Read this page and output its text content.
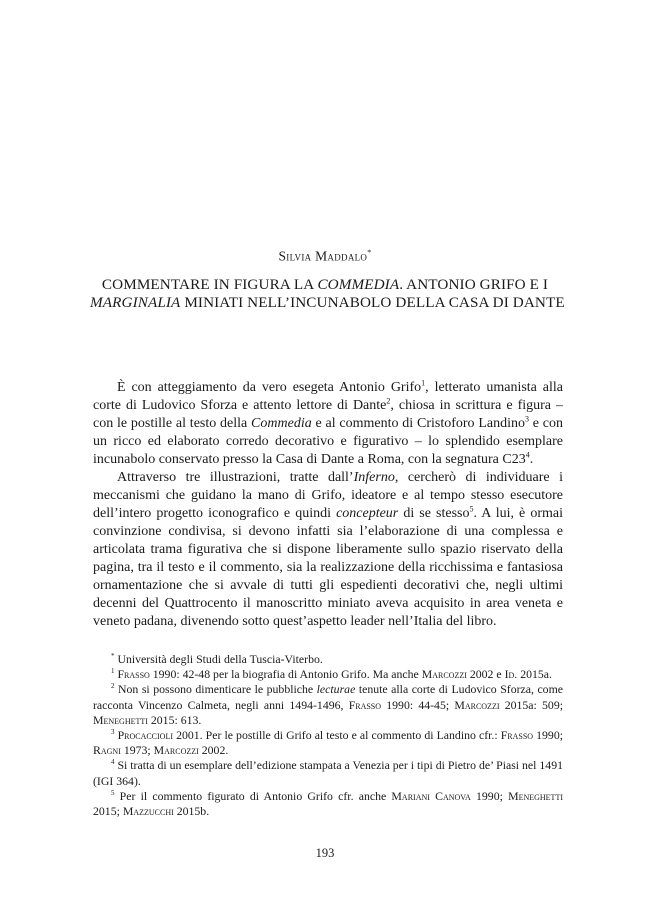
Silvia Maddalo*
COMMENTARE IN FIGURA LA COMMEDIA. ANTONIO GRIFO E I
MARGINALIA MINIATI NELL’INCUNABOLO DELLA CASA DI DANTE

È con atteggiamento da vero esegeta Antonio Grifo$^1$, letterato umanista alla corte di Ludovico Sforza e attento lettore di Dante$^2$, chiosa in scrittura e figura – con le postille al testo della Commedia e al commento di Cristoforo Landino$^3$ e con un ricco ed elaborato corredo decorativo e figurativo – lo splendido esemplare incunabolo conservato presso la Casa di Dante a Roma, con la segnatura $C23^4$.

Attraverso tre illustrazioni, tratte dall’Inferno, cercherò di individuare i meccanismi che guidano la mano di Grifo, ideatore e al tempo stesso esecutore dell’intero progetto iconografico e quindi concepteur di se stesso$^5$. A lui, è ormai convinzione condivisa, si devono infatti sia l’elaborazione di una complessa e articolata trama figurativa che si dispone liberamente sullo spazio riservato della pagina, tra il testo e il commento, sia la realizzazione della ricchissima e fantasiosa ornamentazione che si avvale di tutti gli espedienti decorativi che, negli ultimi decenni del Quattrocento il manoscritto miniato aveva acquisito in area veneta e veneto padana, divenendo sotto quest’aspetto leader nell’Italia del libro.

* Università degli Studi della Tuscia-Viterbo.

$^1$ Frasso 1990: 42-48 per la biografia di Antonio Grifo. Ma anche Marcozzi 2002 e Id. 2015a.

$^2$ Non si possono dimenticare le pubbliche lecturae tenute alla corte di Ludovico Sforza, come racconta Vincenzo Calmeta, negli anni 1494-1496, Frasso 1990: 44-45; Marcozzi 2015a: 509; Meneghetti 2015: 613.

$^3$ Procaccioli 2001. Per le postille di Grifo al testo e al commento di Landino cfr.: Frasso 1990; Ragni 1973; Marcozzi 2002.

$^4$ Si tratta di un esemplare dell’edizione stampata a Venezia per i tipi di Pietro de’ Piasi nel 1491 (IGI 364).

$^5$ Per il commento figurato di Antonio Grifo cfr. anche Mariani Canova 1990; Meneghetti 2015; Mazzucchi 2015b.

193
